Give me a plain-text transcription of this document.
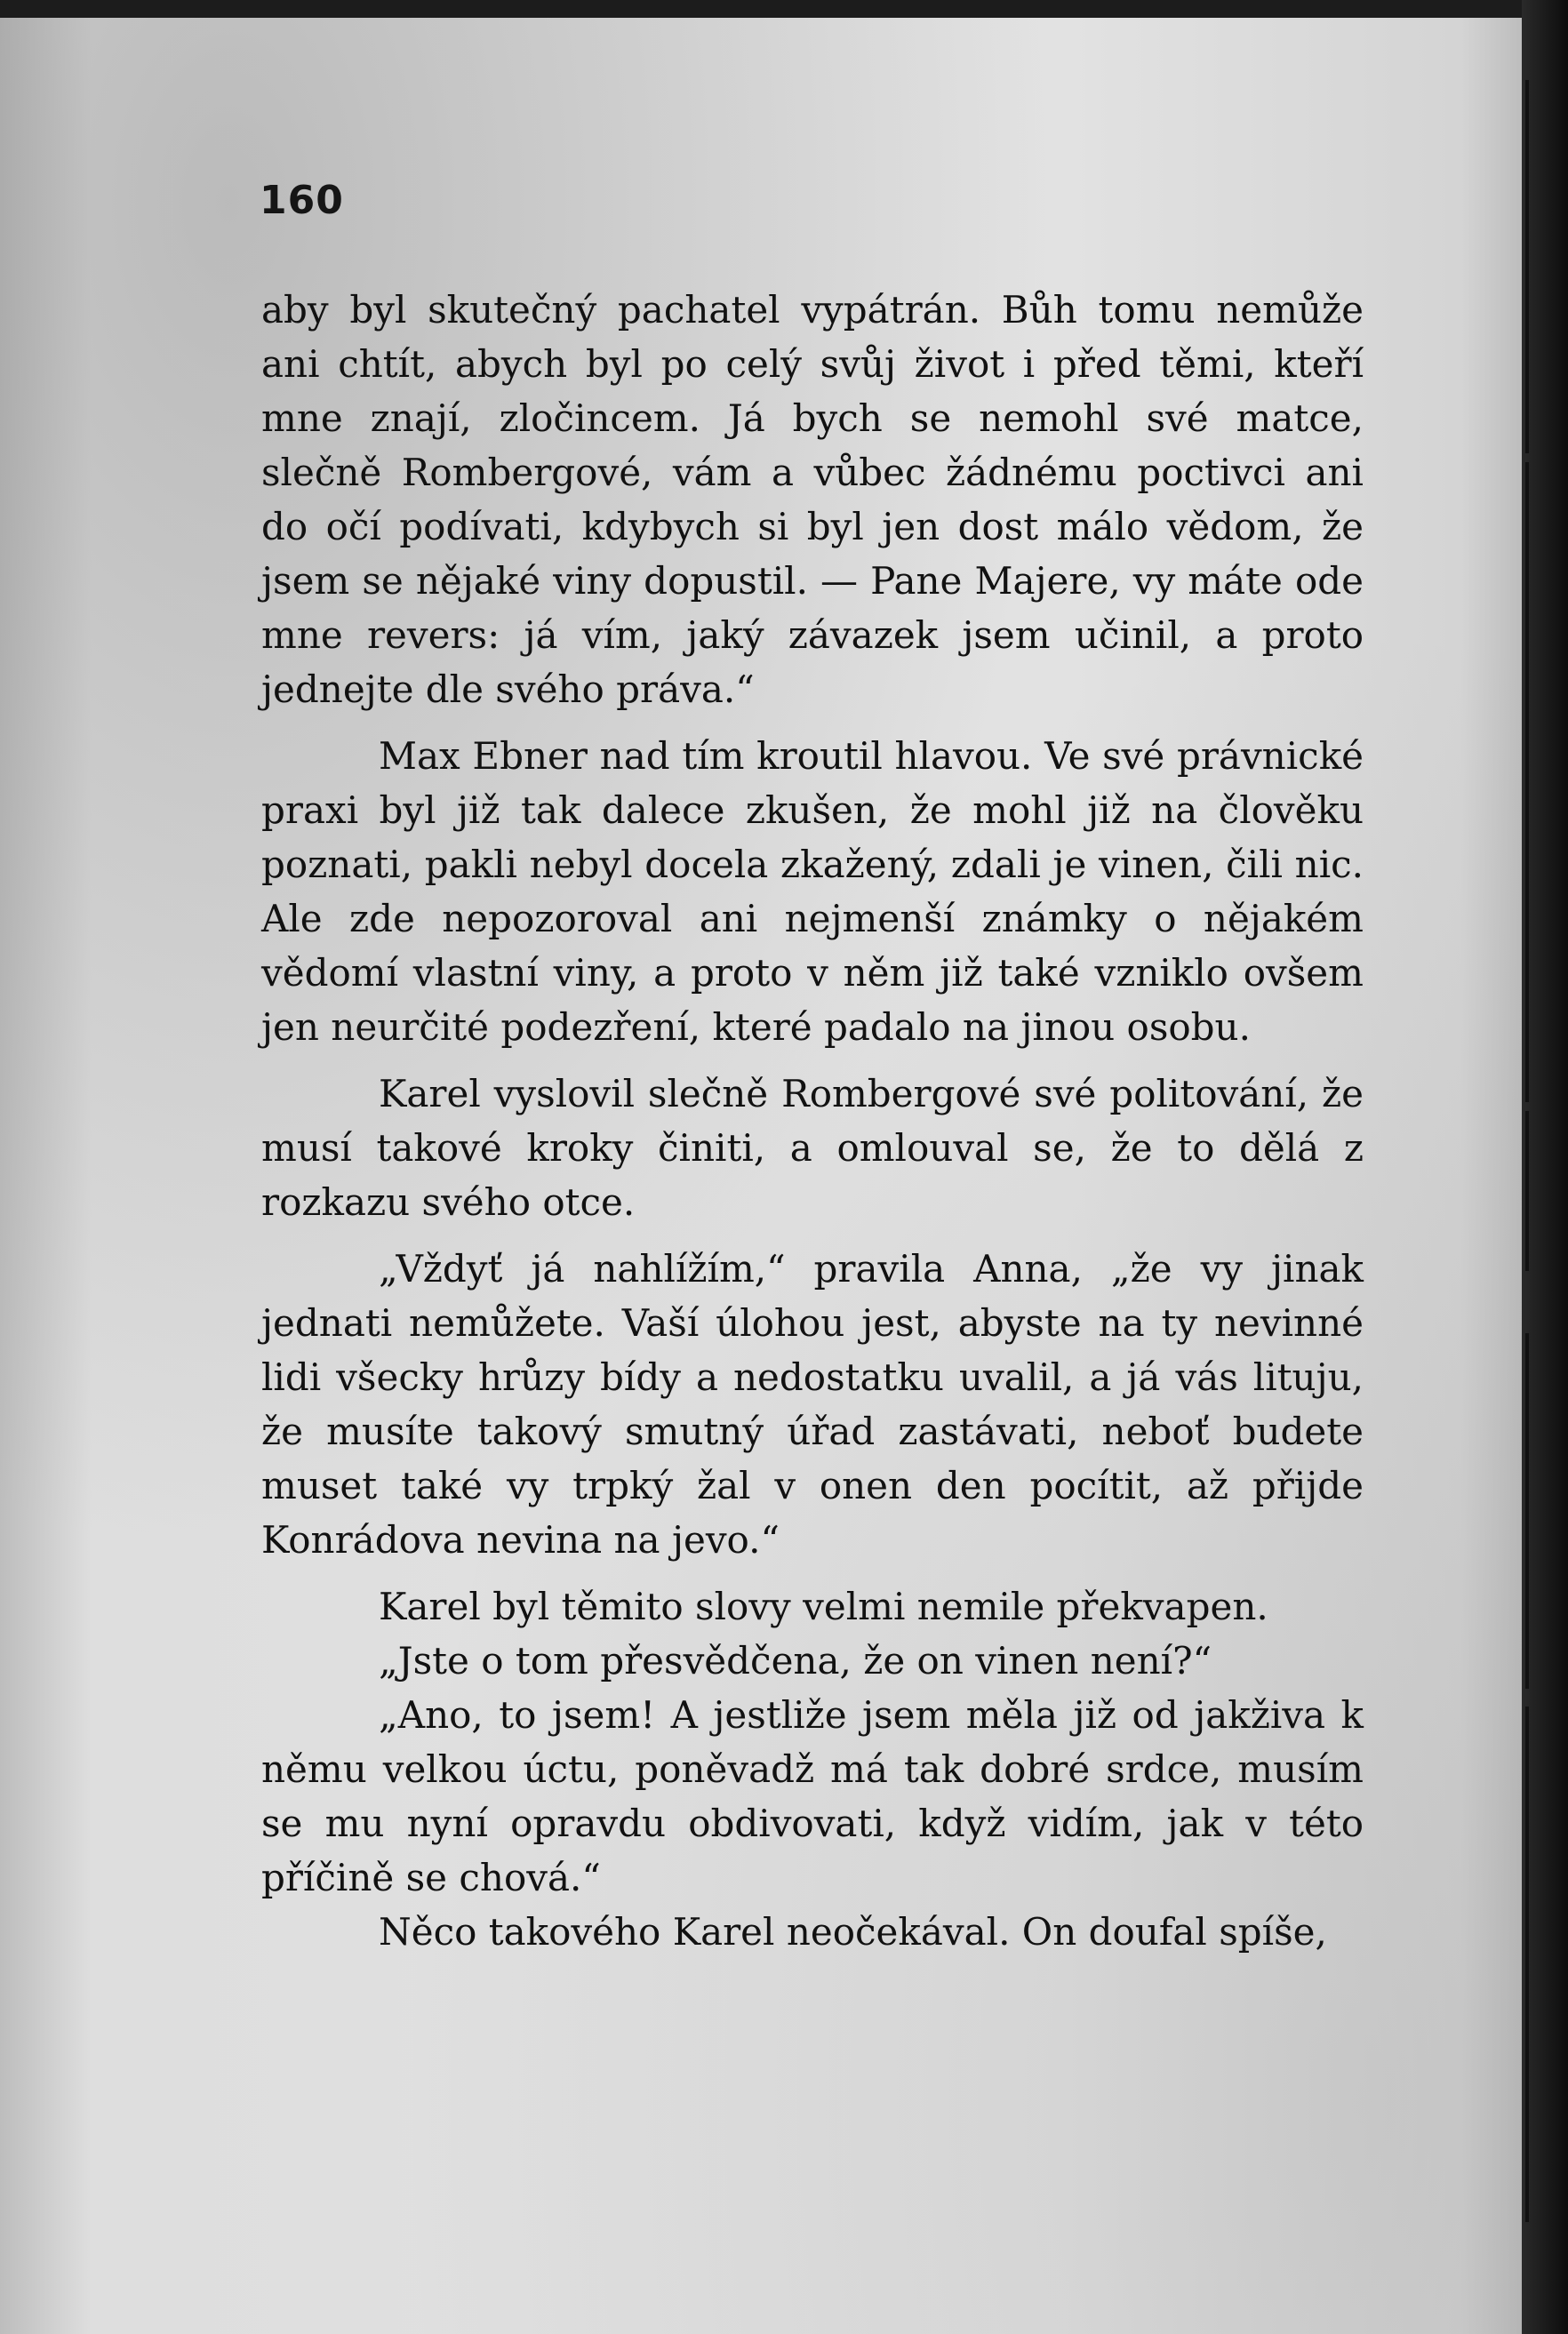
160

aby byl skutečný pachatel vypátrán. Bůh tomu nemůže ani chtít, abych byl po celý svůj život i před těmi, kteří mne znají, zločincem. Já bych se nemohl své matce, slečně Rombergové, vám a vůbec žádnému poctivci ani do očí podívati, kdybych si byl jen dost málo vědom, že jsem se nějaké viny dopustil. — Pane Majere, vy máte ode mne revers: já vím, jaký závazek jsem učinil, a proto jednejte dle svého práva.“

Max Ebner nad tím kroutil hlavou. Ve své právnické praxi byl již tak dalece zkušen, že mohl již na člověku poznati, pakli nebyl docela zkažený, zdali je vinen, čili nic. Ale zde nepozoroval ani nejmenší známky o nějakém vědomí vlastní viny, a proto v něm již také vzniklo ovšem jen neurčité podezření, které padalo na jinou osobu.

Karel vyslovil slečně Rombergové své politování, že musí takové kroky činiti, a omlouval se, že to dělá z rozkazu svého otce.

„Vždyť já nahlížím,“ pravila Anna, „že vy jinak jednati nemůžete. Vaší úlohou jest, abyste na ty nevinné lidi všecky hrůzy bídy a nedostatku uvalil, a já vás lituju, že musíte takový smutný úřad zastávati, neboť budete muset také vy trpký žal v onen den pocítit, až přijde Konrádova nevina na jevo.“

Karel byl těmito slovy velmi nemile překvapen.

„Jste o tom přesvědčena, že on vinen není?“

„Ano, to jsem! A jestliže jsem měla již od jakživa k němu velkou úctu, poněvadž má tak dobré srdce, musím se mu nyní opravdu obdivovati, když vidím, jak v této příčině se chová.“

Něco takového Karel neočekával. On doufal spíše,
